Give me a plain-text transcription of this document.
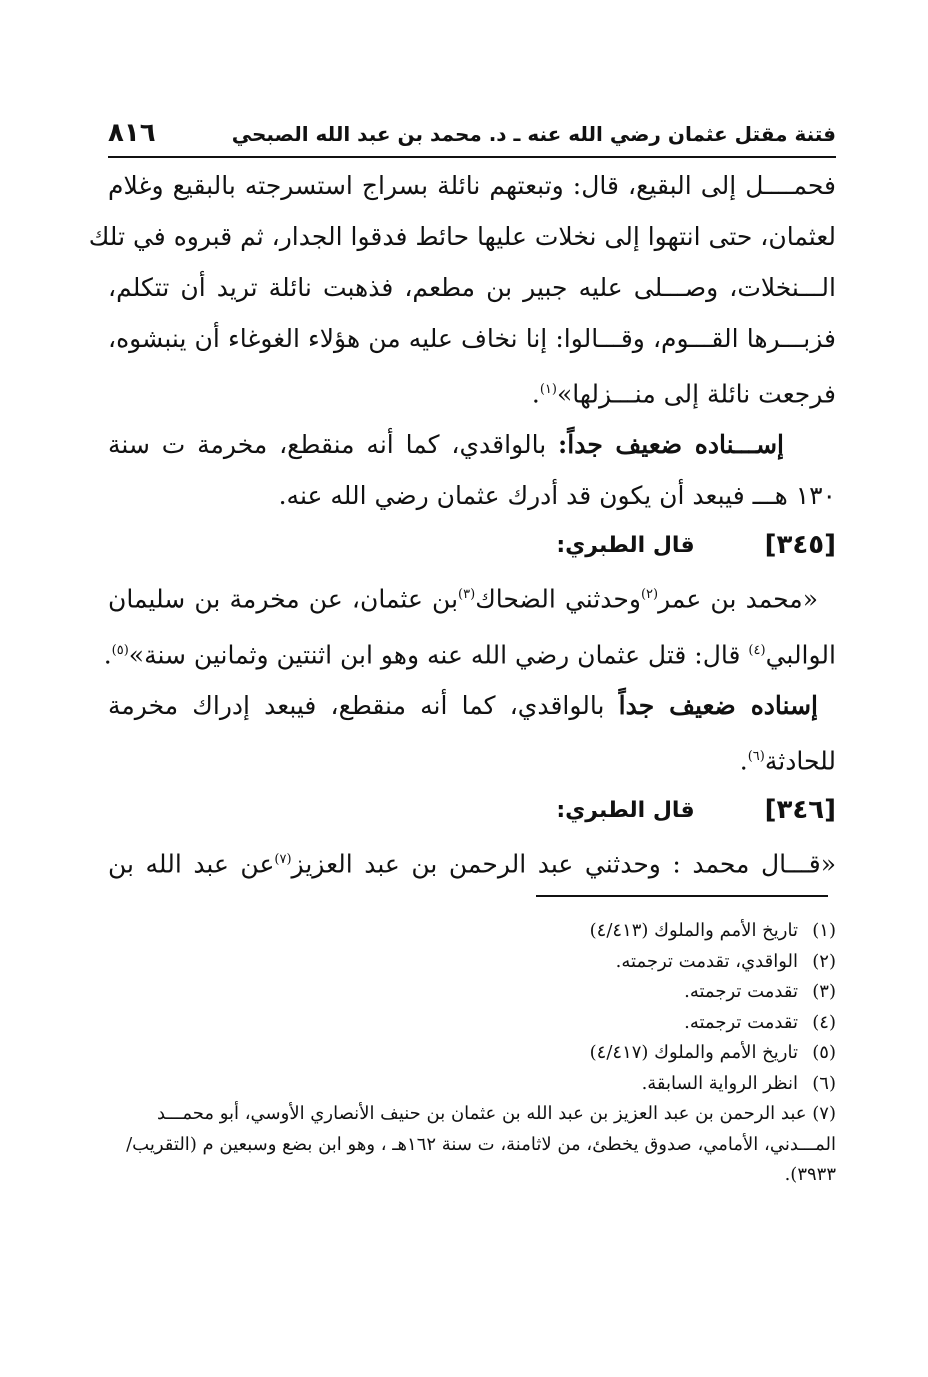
فتنة مقتل عثمان رضي الله عنه ـ د. محمد بن عبد الله الصبحي
٨١٦
فحمــــل إلى البقيع، قال: وتبعتهم نائلة بسراج استسرجته بالبقيع وغلام
لعثمان، حتى انتهوا إلى نخلات عليها حائط فدقوا الجدار، ثم قبروه في تلك
الـــنخلات، وصـــلى عليه جبير بن مطعم، فذهبت نائلة تريد أن تتكلم،
فزبـــرها القـــوم، وقـــالوا: إنا نخاف عليه من هؤلاء الغوغاء أن ينبشوه،
فرجعت نائلة إلى منـــزلها»$^{(١)}$.
إســـناده ضعيف جداً: بالواقدي، كما أنه منقطع، مخرمة ت سنة
١٣٠ هـــ فيبعد أن يكون قد أدرك عثمان رضي الله عنه.
[٣٤٥]
قال الطبري:
«محمد بن عمر$^{(٢)}$وحدثني الضحاك$^{(٣)}$بن عثمان، عن مخرمة بن سليمان
الوالبي$^{(٤)}$ قال: قتل عثمان رضي الله عنه وهو ابن اثنتين وثمانين سنة»$^{(٥)}$.
إسناده ضعيف جداً بالواقدي، كما أنه منقطع، فيبعد إدراك مخرمة
للحادثة$^{(٦)}$.
[٣٤٦]
قال الطبري:
«قـــال محمد : وحدثني عبد الرحمن بن عبد العزيز$^{(٧)}$عن عبد الله بن
(١)
تاريخ الأمم والملوك (٤/٤١٣)
(٢)
الواقدي، تقدمت ترجمته.
(٣)
تقدمت ترجمته.
(٤)
تقدمت ترجمته.
(٥)
تاريخ الأمم والملوك (٤/٤١٧)
(٦)
انظر الرواية السابقة.
(٧) عبد الرحمن بن عبد العزيز بن عبد الله بن عثمان بن حنيف الأنصاري الأوسي، أبو محمـــد المـــدني، الأمامي، صدوق يخطئ، من لاثامنة، ت سنة ١٦٢هـ ، وهو ابن بضع وسبعين م (التقريب/ ٣٩٣٣).
